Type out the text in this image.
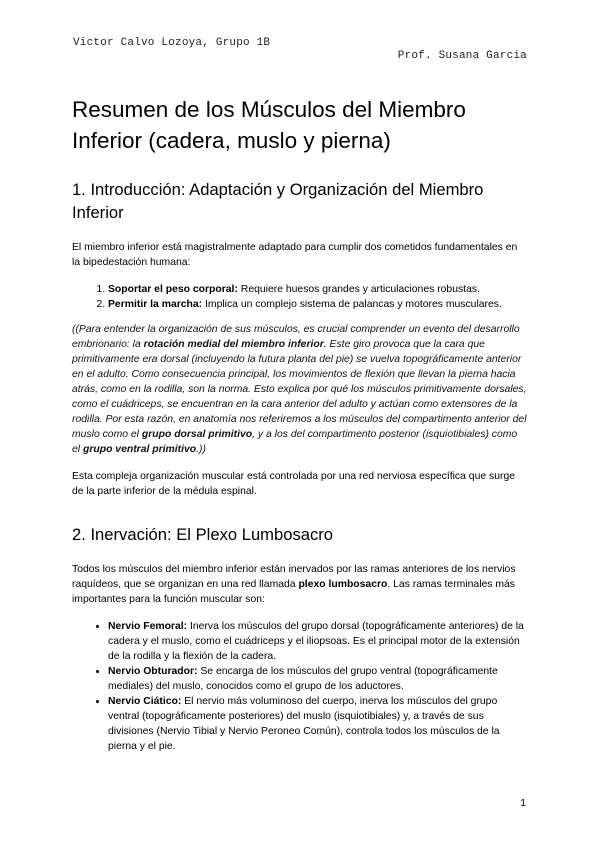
Victor Calvo Lozoya, Grupo 1B
Prof. Susana Garcia
Resumen de los Músculos del Miembro Inferior (cadera, muslo y pierna)
1. Introducción: Adaptación y Organización del Miembro Inferior

El miembro inferior está magistralmente adaptado para cumplir dos cometidos fundamentales en la bipedestación humana:

1. Soportar el peso corporal: Requiere huesos grandes y articulaciones robustas.
2. Permitir la marcha: Implica un complejo sistema de palancas y motores musculares.

((Para entender la organización de sus músculos, es crucial comprender un evento del desarrollo embrionario: la rotación medial del miembro inferior. Este giro provoca que la cara que primitivamente era dorsal (incluyendo la futura planta del pie) se vuelva topográficamente anterior en el adulto. Como consecuencia principal, los movimientos de flexión que llevan la pierna hacia atrás, como en la rodilla, son la norma. Esto explica por qué los músculos primitivamente dorsales, como el cuádriceps, se encuentran en la cara anterior del adulto y actúan como extensores de la rodilla. Por esta razón, en anatomía nos referiremos a los músculos del compartimento anterior del muslo como el grupo dorsal primitivo, y a los del compartimento posterior (isquiotibiales) como el grupo ventral primitivo.))

Esta compleja organización muscular está controlada por una red nerviosa específica que surge de la parte inferior de la médula espinal.

2. Inervación: El Plexo Lumbosacro

Todos los músculos del miembro inferior están inervados por las ramas anteriores de los nervios raquídeos, que se organizan en una red llamada plexo lumbosacro. Las ramas terminales más importantes para la función muscular son:

• Nervio Femoral: Inerva los músculos del grupo dorsal (topográficamente anteriores) de la cadera y el muslo, como el cuádriceps y el iliopsoas. Es el principal motor de la extensión de la rodilla y la flexión de la cadera.
• Nervio Obturador: Se encarga de los músculos del grupo ventral (topográficamente mediales) del muslo, conocidos como el grupo de los aductores.
• Nervio Ciático: El nervio más voluminoso del cuerpo, inerva los músculos del grupo ventral (topográficamente posteriores) del muslo (isquiotibiales) y, a través de sus divisiones (Nervio Tibial y Nervio Peroneo Común), controla todos los músculos de la pierna y el pie.
1
